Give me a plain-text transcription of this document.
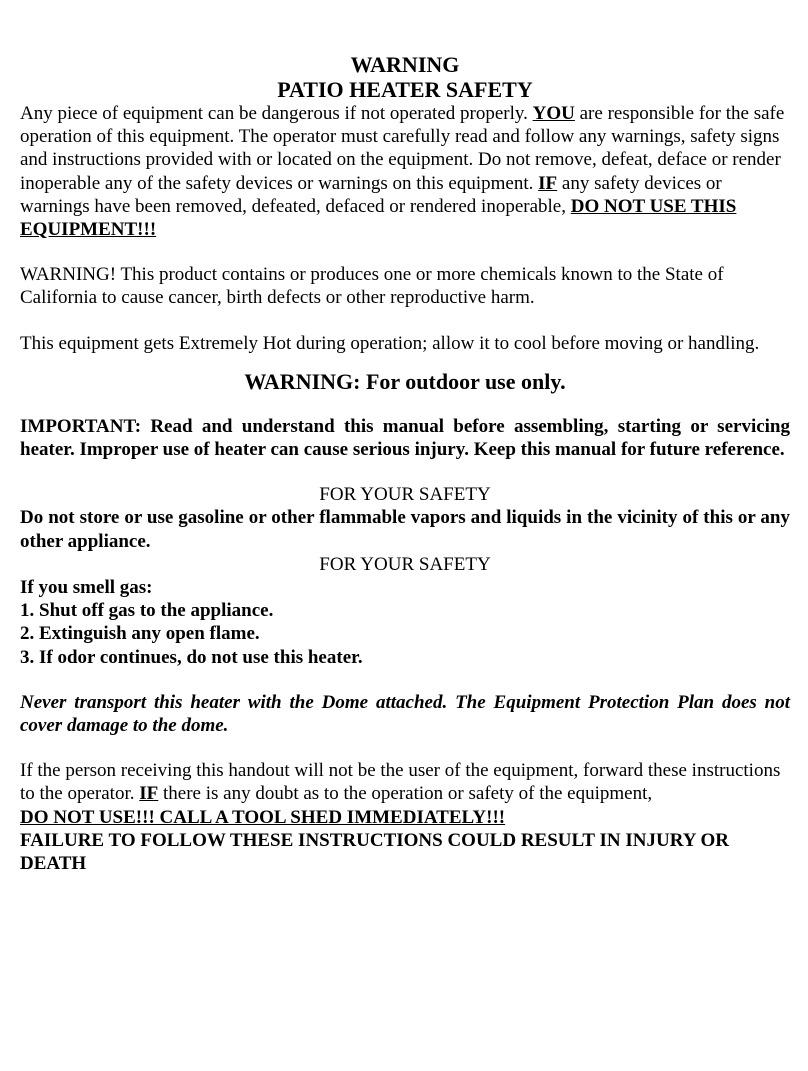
WARNING
PATIO HEATER SAFETY

Any piece of equipment can be dangerous if not operated properly. YOU are responsible for the safe operation of this equipment. The operator must carefully read and follow any warnings, safety signs and instructions provided with or located on the equipment. Do not remove, defeat, deface or render inoperable any of the safety devices or warnings on this equipment. IF any safety devices or warnings have been removed, defeated, defaced or rendered inoperable, DO NOT USE THIS EQUIPMENT!!!

WARNING! This product contains or produces one or more chemicals known to the State of California to cause cancer, birth defects or other reproductive harm.

This equipment gets Extremely Hot during operation; allow it to cool before moving or handling.

WARNING: For outdoor use only.

IMPORTANT: Read and understand this manual before assembling, starting or servicing heater. Improper use of heater can cause serious injury. Keep this manual for future reference.

FOR YOUR SAFETY

Do not store or use gasoline or other flammable vapors and liquids in the vicinity of this or any other appliance.

FOR YOUR SAFETY

If you smell gas:

1. Shut off gas to the appliance.

2. Extinguish any open flame.

3. If odor continues, do not use this heater.

Never transport this heater with the Dome attached. The Equipment Protection Plan does not cover damage to the dome.

If the person receiving this handout will not be the user of the equipment, forward these instructions to the operator. IF there is any doubt as to the operation or safety of the equipment,
DO NOT USE!!! CALL A TOOL SHED IMMEDIATELY!!!

FAILURE TO FOLLOW THESE INSTRUCTIONS COULD RESULT IN INJURY OR DEATH
